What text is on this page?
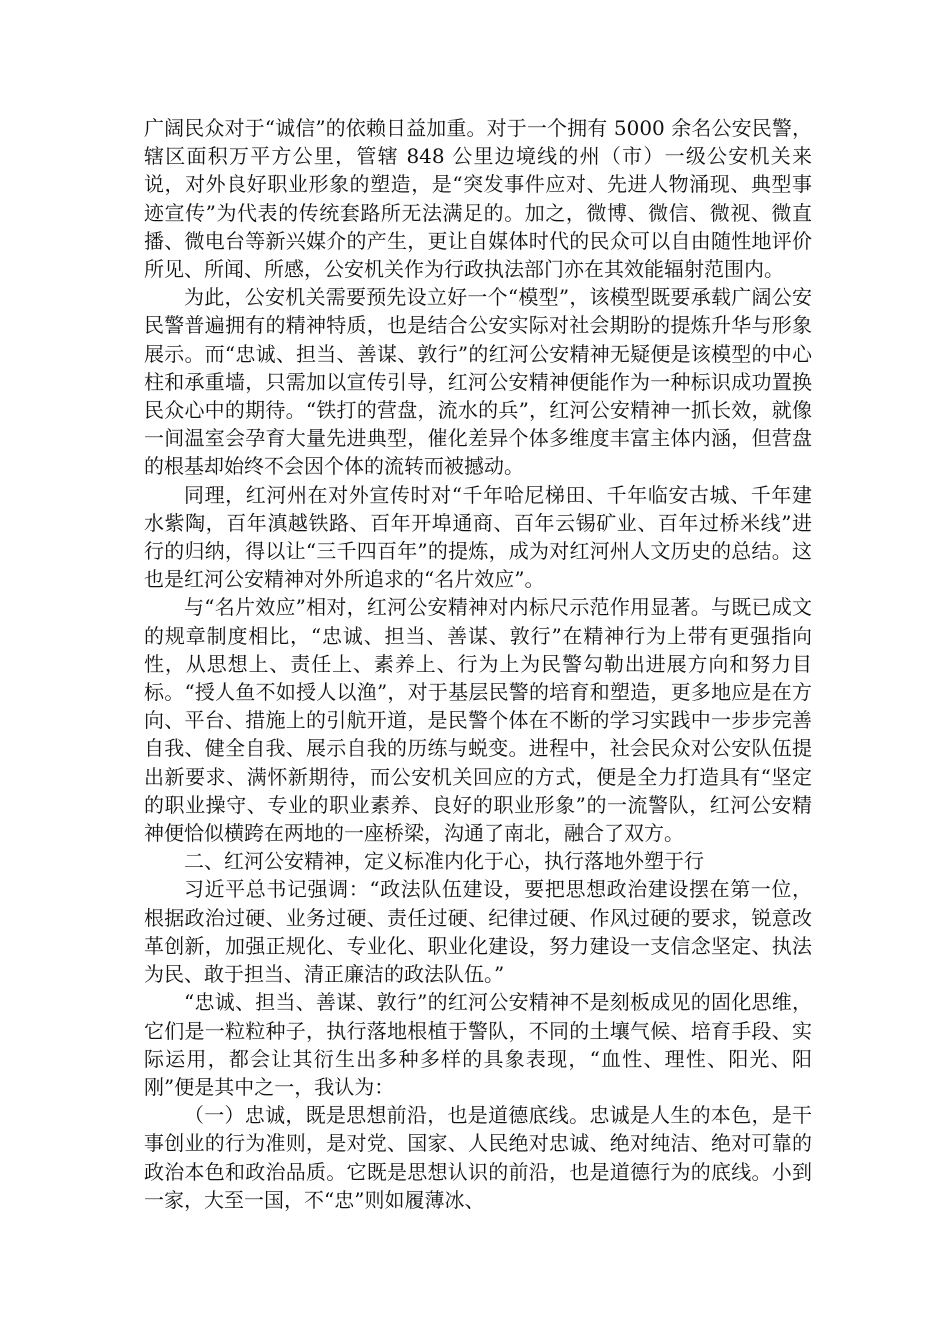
广阔民众对于“诚信”的依赖日益加重。对于一个拥有 5000 余名公安民警，辖区面积万平方公里，管辖 848 公里边境线的州（市）一级公安机关来说，对外良好职业形象的塑造，是“突发事件应对、先进人物涌现、典型事迹宣传”为代表的传统套路所无法满足的。加之，微博、微信、微视、微直播、微电台等新兴媒介的产生，更让自媒体时代的民众可以自由随性地评价所见、所闻、所感，公安机关作为行政执法部门亦在其效能辐射范围内。

为此，公安机关需要预先设立好一个“模型”，该模型既要承载广阔公安民警普遍拥有的精神特质，也是结合公安实际对社会期盼的提炼升华与形象展示。而“忠诚、担当、善谋、敦行”的红河公安精神无疑便是该模型的中心柱和承重墙，只需加以宣传引导，红河公安精神便能作为一种标识成功置换民众心中的期待。“铁打的营盘，流水的兵”，红河公安精神一抓长效，就像一间温室会孕育大量先进典型，催化差异个体多维度丰富主体内涵，但营盘的根基却始终不会因个体的流转而被撼动。

同理，红河州在对外宣传时对“千年哈尼梯田、千年临安古城、千年建水紫陶，百年滇越铁路、百年开埠通商、百年云锡矿业、百年过桥米线”进行的归纳，得以让“三千四百年”的提炼，成为对红河州人文历史的总结。这也是红河公安精神对外所追求的“名片效应”。

与“名片效应”相对，红河公安精神对内标尺示范作用显著。与既已成文的规章制度相比，“忠诚、担当、善谋、敦行”在精神行为上带有更强指向性，从思想上、责任上、素养上、行为上为民警勾勒出进展方向和努力目标。“授人鱼不如授人以渔”，对于基层民警的培育和塑造，更多地应是在方向、平台、措施上的引航开道，是民警个体在不断的学习实践中一步步完善自我、健全自我、展示自我的历练与蜕变。进程中，社会民众对公安队伍提出新要求、满怀新期待，而公安机关回应的方式，便是全力打造具有“坚定的职业操守、专业的职业素养、良好的职业形象”的一流警队，红河公安精神便恰似横跨在两地的一座桥梁，沟通了南北，融合了双方。

二、红河公安精神，定义标准内化于心，执行落地外塑于行

习近平总书记强调：“政法队伍建设，要把思想政治建设摆在第一位，根据政治过硬、业务过硬、责任过硬、纪律过硬、作风过硬的要求，锐意改革创新，加强正规化、专业化、职业化建设，努力建设一支信念坚定、执法为民、敢于担当、清正廉洁的政法队伍。”

“忠诚、担当、善谋、敦行”的红河公安精神不是刻板成见的固化思维，它们是一粒粒种子，执行落地根植于警队，不同的土壤气候、培育手段、实际运用，都会让其衍生出多种多样的具象表现，“血性、理性、阳光、阳刚”便是其中之一，我认为：

（一）忠诚，既是思想前沿，也是道德底线。忠诚是人生的本色，是干事创业的行为准则，是对党、国家、人民绝对忠诚、绝对纯洁、绝对可靠的政治本色和政治品质。它既是思想认识的前沿，也是道德行为的底线。小到一家，大至一国，不“忠”则如履薄冰、
